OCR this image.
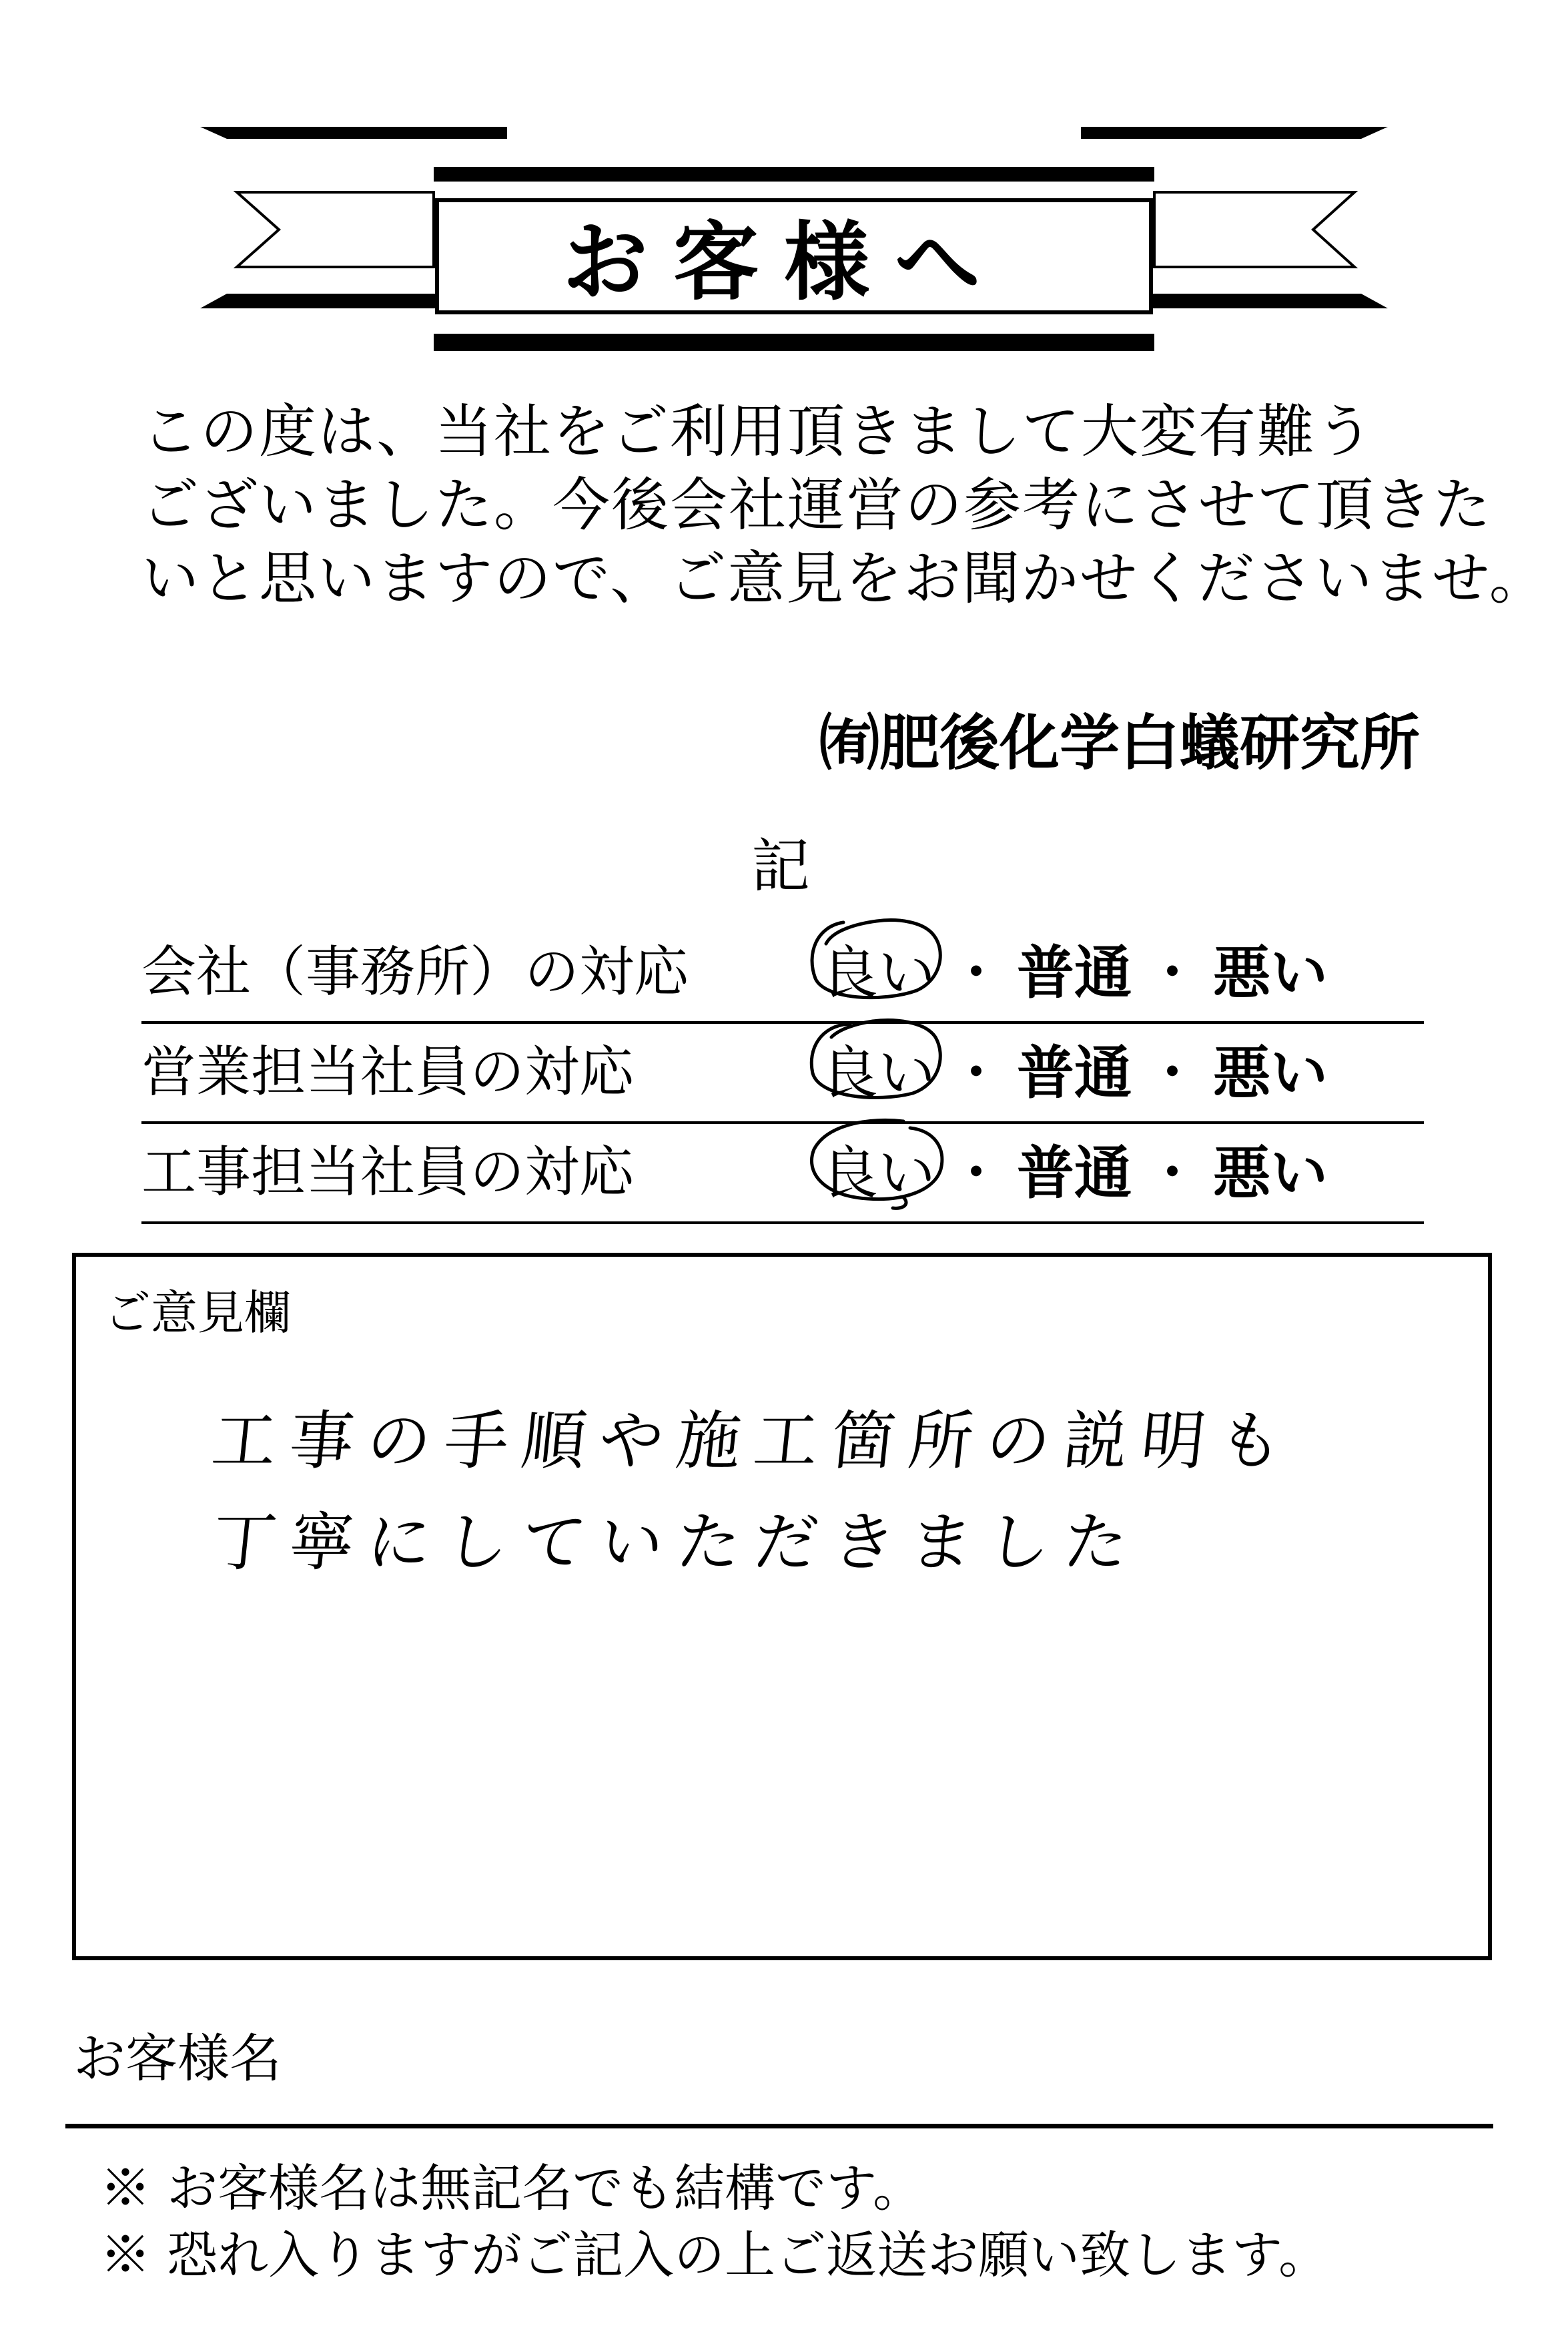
お客様へ
この度は、当社をご利用頂きまして大変有難う
ございました。今後会社運営の参考にさせて頂きた
いと思いますので、ご意見をお聞かせくださいませ。
㈲肥後化学白蟻研究所
記
会社（事務所）の対応 良い ・ 普通 ・ 悪い
営業担当社員の対応	良い ・ 普通 ・ 悪い
工事担当社員の対応	良い ・ 普通 ・ 悪い
ご意見欄
工事の手順や施工箇所の説明も
丁寧にしていただきました
お客様名
※ お客様名は無記名でも結構です。
※ 恐れ入りますがご記入の上ご返送お願い致します。
